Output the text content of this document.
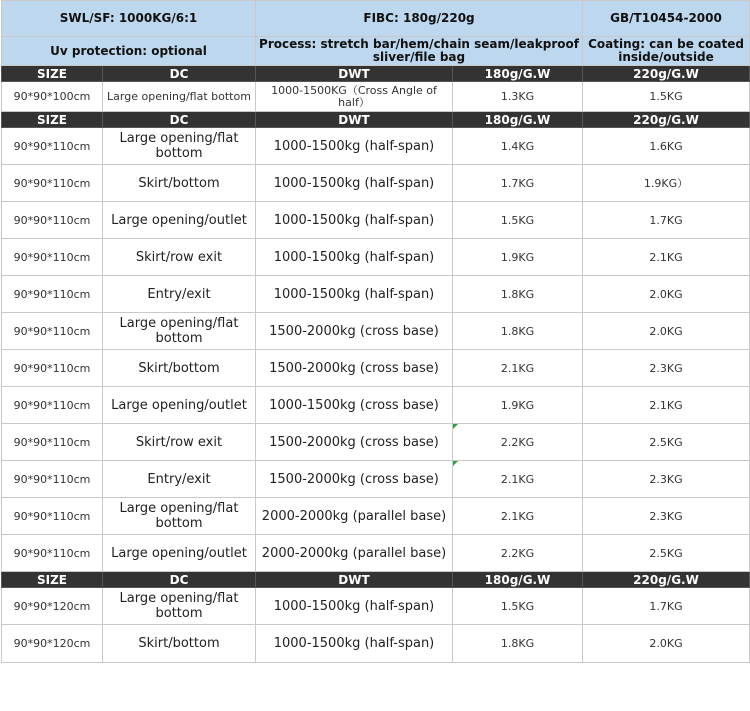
SWL/SF: 1000KG/6:1		FIBC: 180g/220g		GB/T10454-2000
Uv protection: optional		Process: stretch bar/hem/chain seam/leakproof sliver/file bag		Coating: can be coated inside/outside
SIZE	DC	DWT	180g/G.W	220g/G.W
90*90*100cm	Large opening/flat bottom	1000-1500KG（Cross Angle of half）	1.3KG	1.5KG
SIZE	DC	DWT	180g/G.W	220g/G.W
90*90*110cm	Large opening/flat bottom	1000-1500kg (half-span)	1.4KG	1.6KG
90*90*110cm	Skirt/bottom	1000-1500kg (half-span)	1.7KG	1.9KG）
90*90*110cm	Large opening/outlet	1000-1500kg (half-span)	1.5KG	1.7KG
90*90*110cm	Skirt/row exit	1000-1500kg (half-span)	1.9KG	2.1KG
90*90*110cm	Entry/exit	1000-1500kg (half-span)	1.8KG	2.0KG
90*90*110cm	Large opening/flat bottom	1500-2000kg (cross base)	1.8KG	2.0KG
90*90*110cm	Skirt/bottom	1500-2000kg (cross base)	2.1KG	2.3KG
90*90*110cm	Large opening/outlet	1000-1500kg (cross base)	1.9KG	2.1KG
90*90*110cm	Skirt/row exit	1500-2000kg (cross base)	2.2KG	2.5KG
90*90*110cm	Entry/exit	1500-2000kg (cross base)	2.1KG	2.3KG
90*90*110cm	Large opening/flat bottom	2000-2000kg (parallel base)	2.1KG	2.3KG
90*90*110cm	Large opening/outlet	2000-2000kg (parallel base)	2.2KG	2.5KG
SIZE	DC	DWT	180g/G.W	220g/G.W
90*90*120cm	Large opening/flat bottom	1000-1500kg (half-span)	1.5KG	1.7KG
90*90*120cm	Skirt/bottom	1000-1500kg (half-span)	1.8KG	2.0KG
